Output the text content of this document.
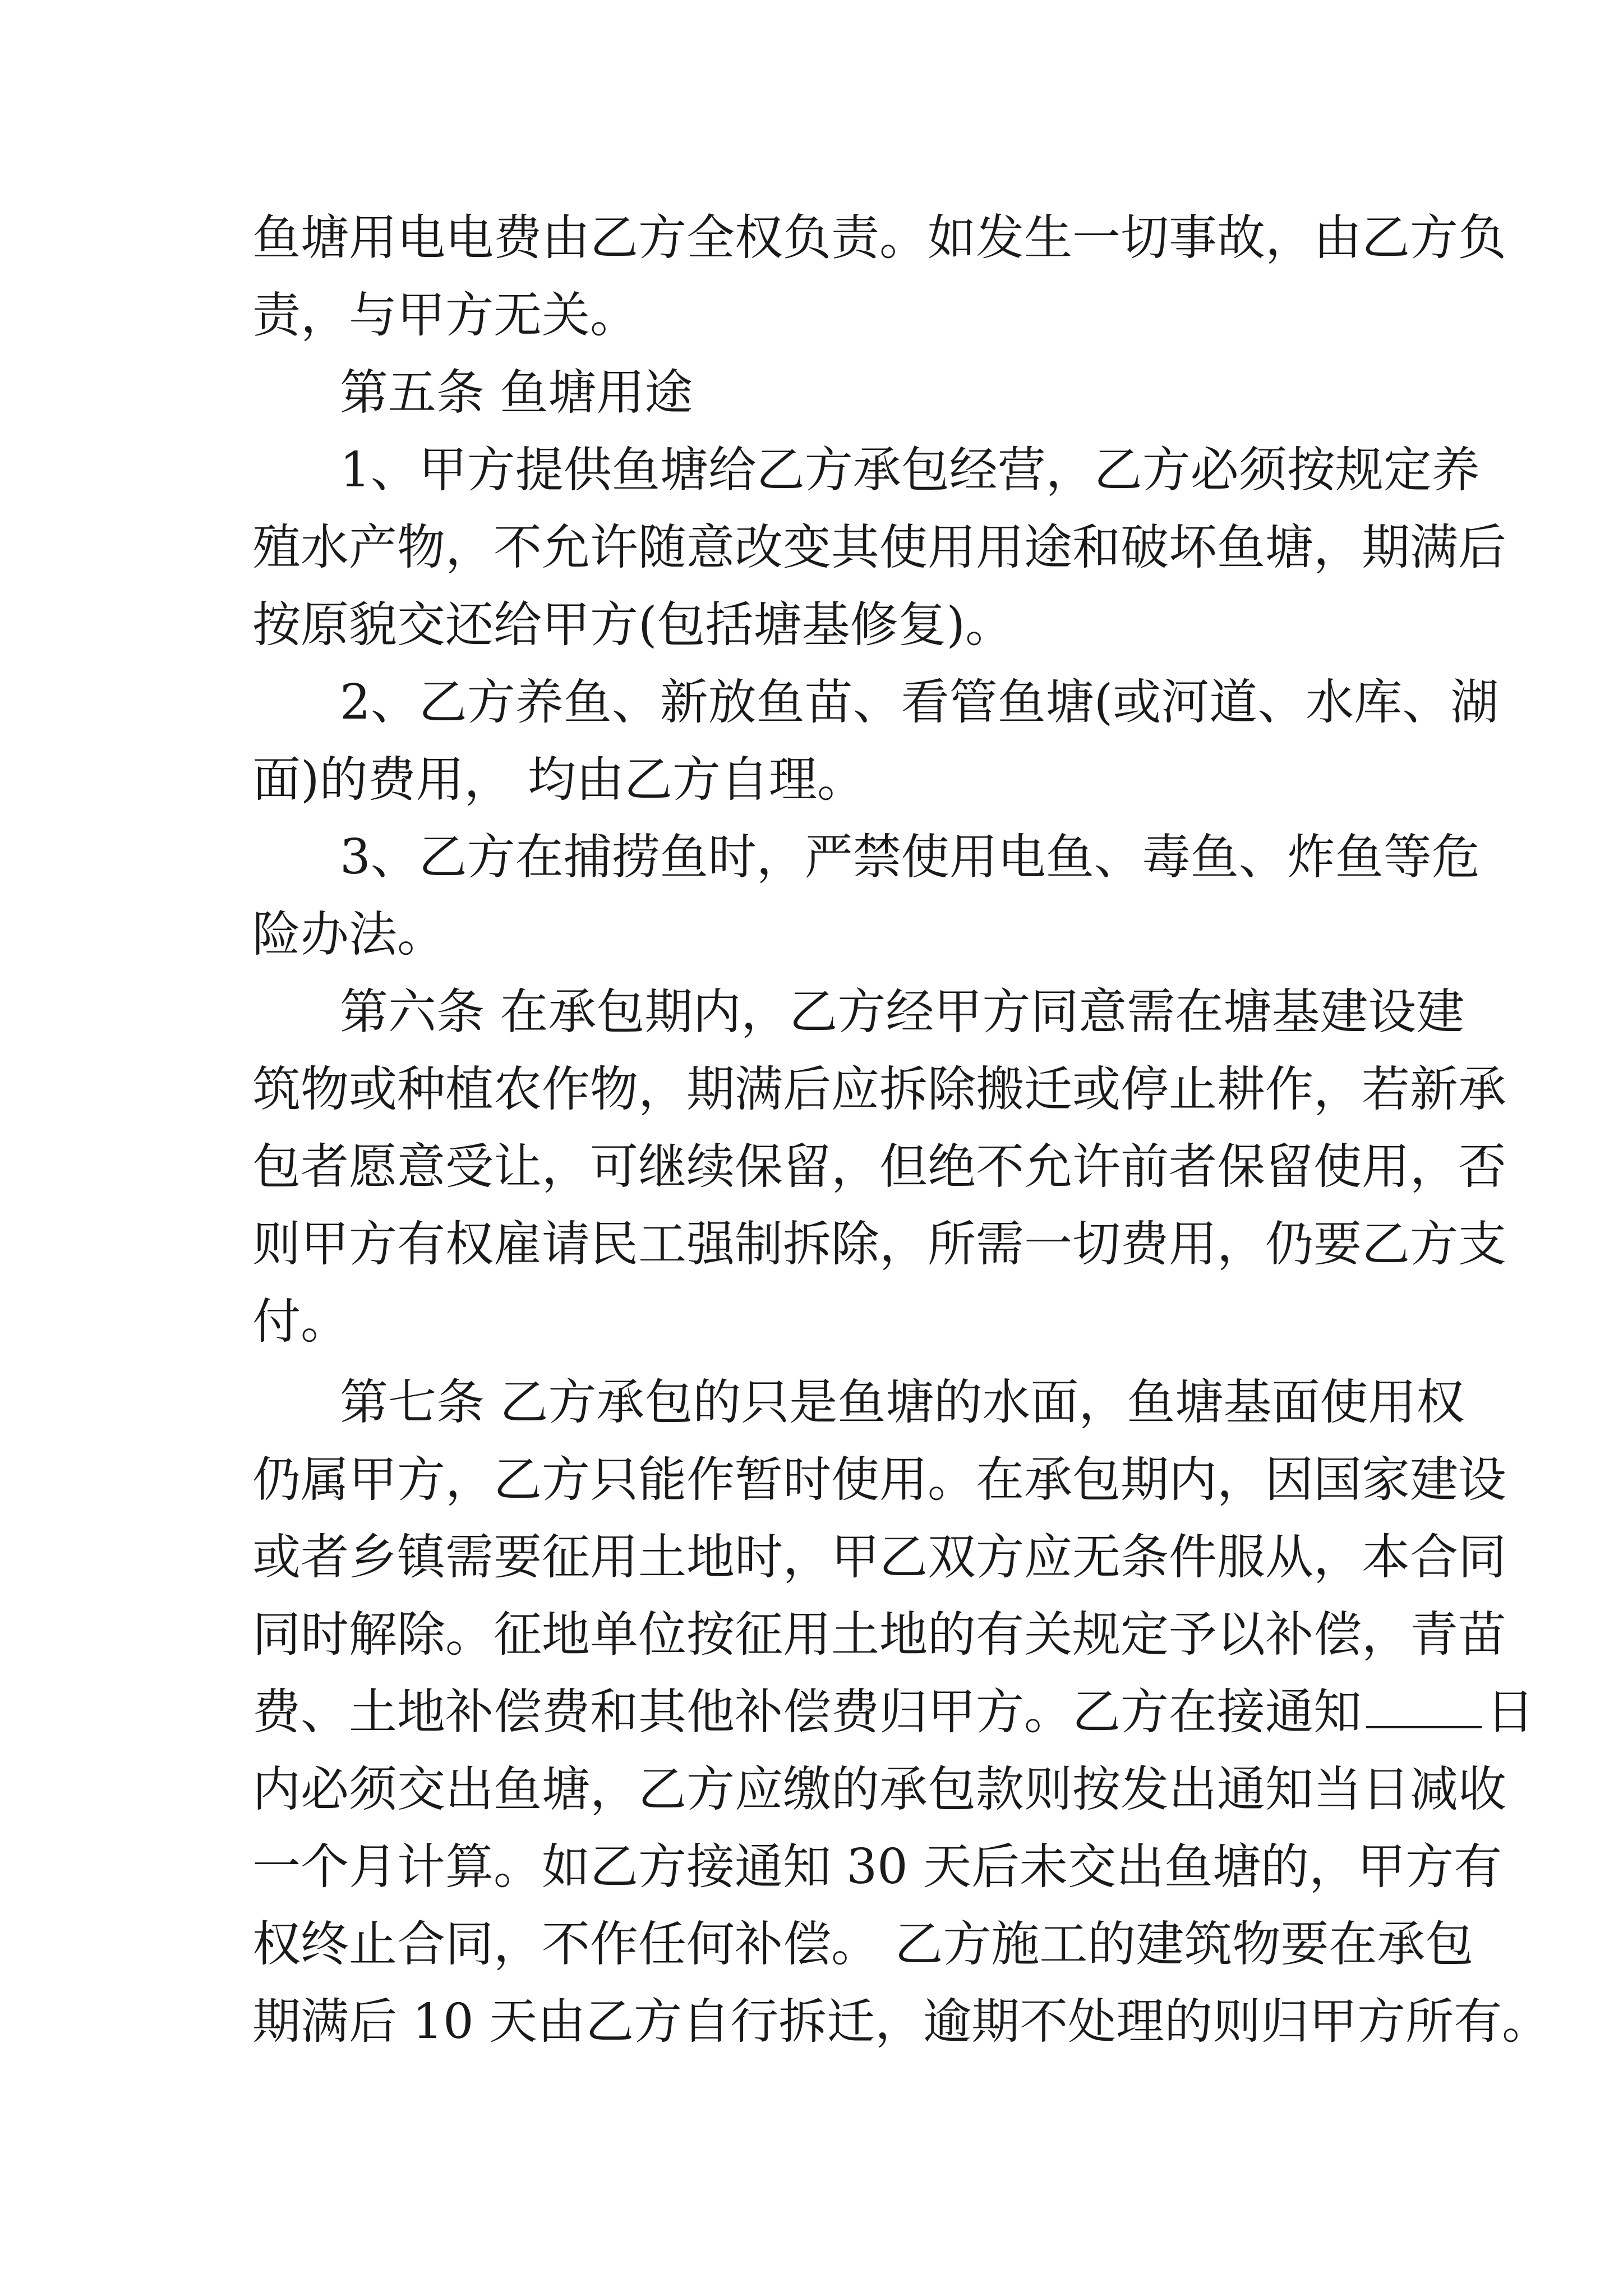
鱼塘用电电费由乙方全权负责。如发生一切事故，由乙方负
责，与甲方无关。
第五条 鱼塘用途
1、甲方提供鱼塘给乙方承包经营，乙方必须按规定养
殖水产物，不允许随意改变其使用用途和破坏鱼塘，期满后
按原貌交还给甲方(包括塘基修复)。
2、乙方养鱼、新放鱼苗、看管鱼塘(或河道、水库、湖
面)的费用， 均由乙方自理。
3、乙方在捕捞鱼时，严禁使用电鱼、毒鱼、炸鱼等危
险办法。
第六条 在承包期内，乙方经甲方同意需在塘基建设建
筑物或种植农作物，期满后应拆除搬迁或停止耕作，若新承
包者愿意受让，可继续保留，但绝不允许前者保留使用，否
则甲方有权雇请民工强制拆除，所需一切费用，仍要乙方支
付。
第七条 乙方承包的只是鱼塘的水面，鱼塘基面使用权
仍属甲方，乙方只能作暂时使用。在承包期内，因国家建设
或者乡镇需要征用土地时，甲乙双方应无条件服从，本合同
同时解除。征地单位按征用土地的有关规定予以补偿，青苗
费、土地补偿费和其他补偿费归甲方。乙方在接通知	日
内必须交出鱼塘，乙方应缴的承包款则按发出通知当日减收
一个月计算。如乙方接通知 30 天后未交出鱼塘的，甲方有
权终止合同，不作任何补偿。 乙方施工的建筑物要在承包
期满后 10 天由乙方自行拆迁，逾期不处理的则归甲方所有。
